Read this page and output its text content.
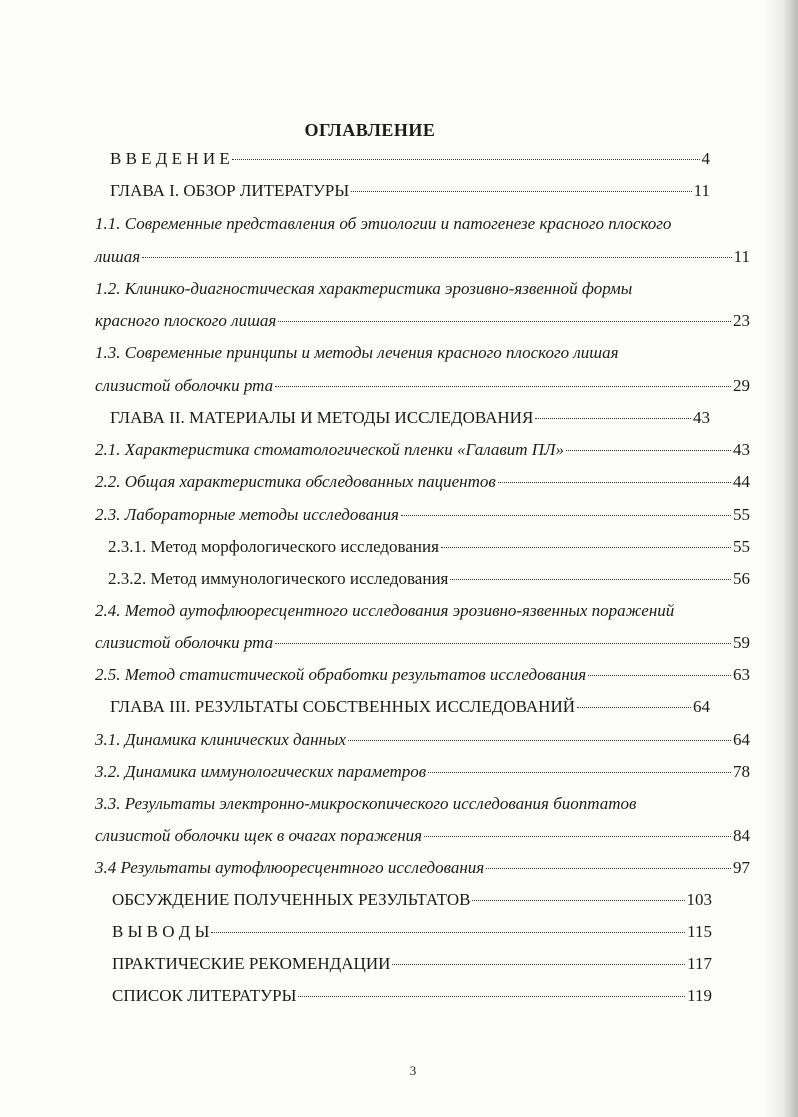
ОГЛАВЛЕНИЕ
В В Е Д Е Н И Е	4
ГЛАВА I. ОБЗОР ЛИТЕРАТУРЫ	11
1.1. Современные представления об этиологии и патогенезе красного плоского
лишая	11
1.2. Клинико-диагностическая характеристика эрозивно-язвенной формы
красного плоского лишая	23
1.3. Современные принципы и методы лечения красного плоского лишая
слизистой оболочки рта	29
ГЛАВА II. МАТЕРИАЛЫ И МЕТОДЫ ИССЛЕДОВАНИЯ	43
2.1. Характеристика стоматологической пленки «Галавит ПЛ»	43
2.2. Общая характеристика обследованных пациентов	44
2.3. Лабораторные методы исследования	55
2.3.1. Метод морфологического исследования	55
2.3.2. Метод иммунологического исследования	56
2.4. Метод аутофлюоресцентного исследования эрозивно-язвенных поражений
слизистой оболочки рта	59
2.5. Метод статистической обработки результатов исследования	63
ГЛАВА III. РЕЗУЛЬТАТЫ СОБСТВЕННЫХ ИССЛЕДОВАНИЙ	64
3.1. Динамика клинических данных	64
3.2. Динамика иммунологических параметров	78
3.3. Результаты электронно-микроскопического исследования биоптатов
слизистой оболочки щек в очагах поражения	84
3.4 Результаты аутофлюоресцентного исследования	97
ОБСУЖДЕНИЕ ПОЛУЧЕННЫХ РЕЗУЛЬТАТОВ	103
В Ы В О Д Ы	115
ПРАКТИЧЕСКИЕ РЕКОМЕНДАЦИИ	117
СПИСОК ЛИТЕРАТУРЫ	119
3
